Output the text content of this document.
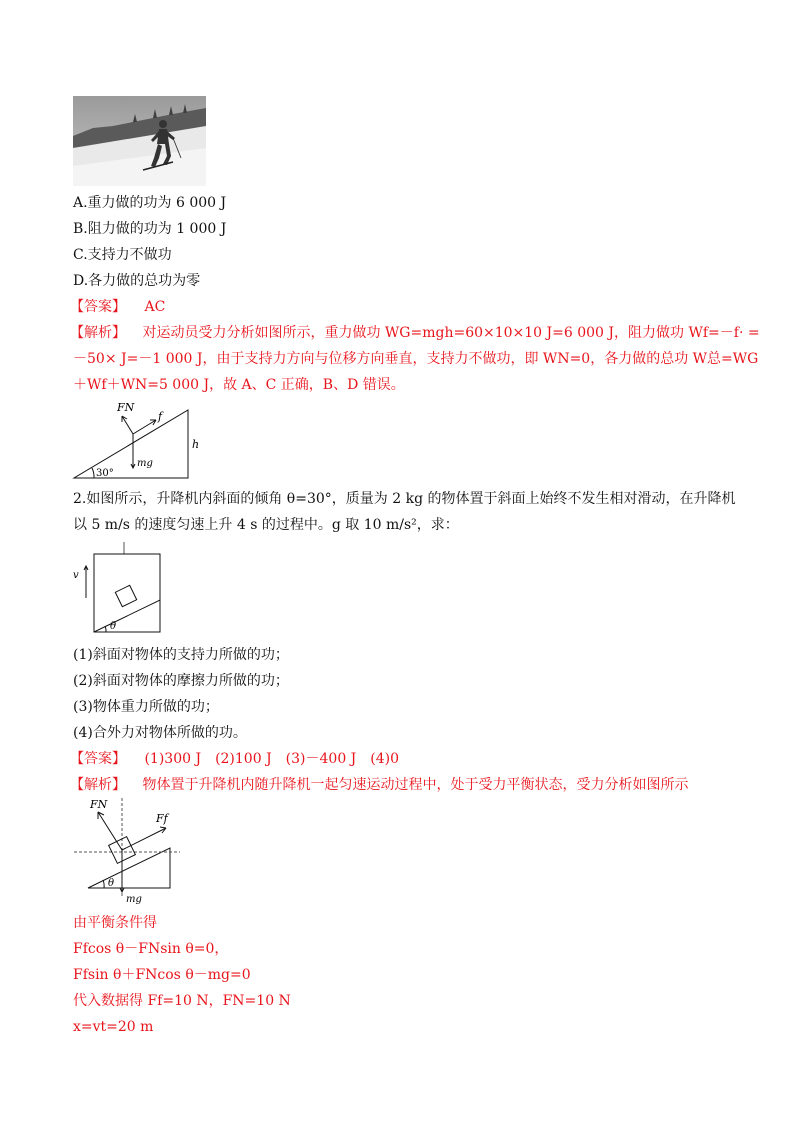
A.重力做的功为 6 000 J
B.阻力做的功为 1 000 J
C.支持力不做功
D.各力做的总功为零
【答案】 AC
【解析】 对运动员受力分析如图所示，重力做功 WG=mgh=60×10×10 J=6 000 J，阻力做功 Wf=－f· =
－50× J=－1 000 J，由于支持力方向与位移方向垂直，支持力不做功，即 WN=0，各力做的总功 W总=WG
＋Wf＋WN=5 000 J，故 A、C 正确，B、D 错误。
FN
f
mg
h
30°
2.如图所示，升降机内斜面的倾角 θ=30°，质量为 2 kg 的物体置于斜面上始终不发生相对滑动，在升降机
以 5 m/s 的速度匀速上升 4 s 的过程中。g 取 10 m/s²，求：
v
θ
(1)斜面对物体的支持力所做的功；
(2)斜面对物体的摩擦力所做的功；
(3)物体重力所做的功；
(4)合外力对物体所做的功。
【答案】 (1)300 J　(2)100 J　(3)－400 J　(4)0
【解析】 物体置于升降机内随升降机一起匀速运动过程中，处于受力平衡状态，受力分析如图所示
FN
Ff
mg
θ
由平衡条件得
Ffcos θ－FNsin θ=0，
Ffsin θ＋FNcos θ－mg=0
代入数据得 Ff=10 N，FN=10 N
x=vt=20 m
